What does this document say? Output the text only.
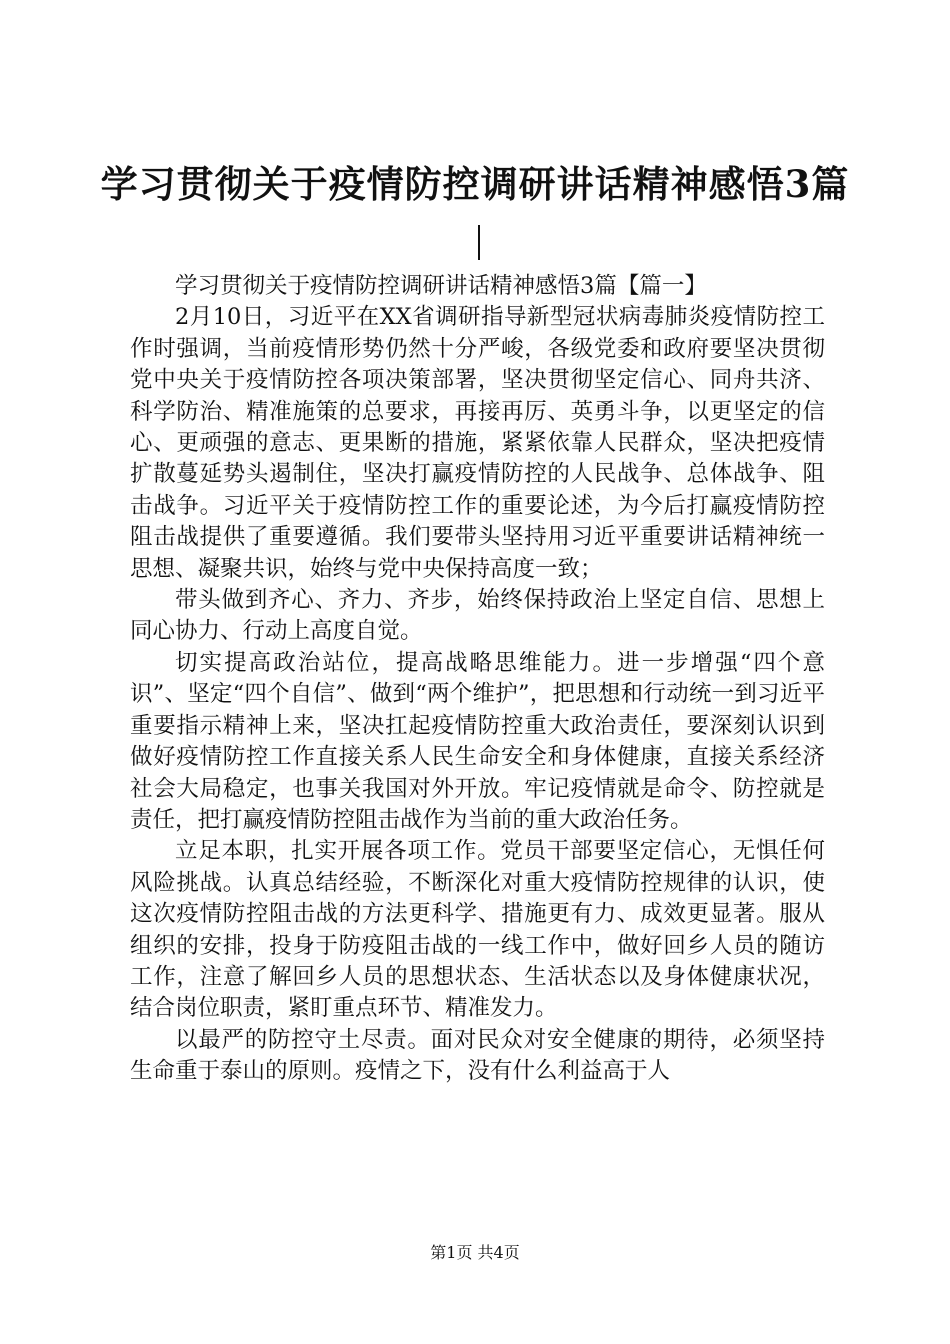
学习贯彻关于疫情防控调研讲话精神感悟3篇

学习贯彻关于疫情防控调研讲话精神感悟3篇【篇一】

2月10日，习近平在XX省调研指导新型冠状病毒肺炎疫情防控工作时强调，当前疫情形势仍然十分严峻，各级党委和政府要坚决贯彻党中央关于疫情防控各项决策部署，坚决贯彻坚定信心、同舟共济、科学防治、精准施策的总要求，再接再厉、英勇斗争，以更坚定的信心、更顽强的意志、更果断的措施，紧紧依靠人民群众，坚决把疫情扩散蔓延势头遏制住，坚决打赢疫情防控的人民战争、总体战争、阻击战争。习近平关于疫情防控工作的重要论述，为今后打赢疫情防控阻击战提供了重要遵循。我们要带头坚持用习近平重要讲话精神统一思想、凝聚共识，始终与党中央保持高度一致；

带头做到齐心、齐力、齐步，始终保持政治上坚定自信、思想上同心协力、行动上高度自觉。

切实提高政治站位，提高战略思维能力。进一步增强“四个意识”、坚定“四个自信”、做到“两个维护”，把思想和行动统一到习近平重要指示精神上来，坚决扛起疫情防控重大政治责任，要深刻认识到做好疫情防控工作直接关系人民生命安全和身体健康，直接关系经济社会大局稳定，也事关我国对外开放。牢记疫情就是命令、防控就是责任，把打赢疫情防控阻击战作为当前的重大政治任务。

立足本职，扎实开展各项工作。党员干部要坚定信心，无惧任何风险挑战。认真总结经验，不断深化对重大疫情防控规律的认识，使这次疫情防控阻击战的方法更科学、措施更有力、成效更显著。服从组织的安排，投身于防疫阻击战的一线工作中，做好回乡人员的随访工作，注意了解回乡人员的思想状态、生活状态以及身体健康状况，结合岗位职责，紧盯重点环节、精准发力。

以最严的防控守土尽责。面对民众对安全健康的期待，必须坚持生命重于泰山的原则。疫情之下，没有什么利益高于人

第1页 共4页
